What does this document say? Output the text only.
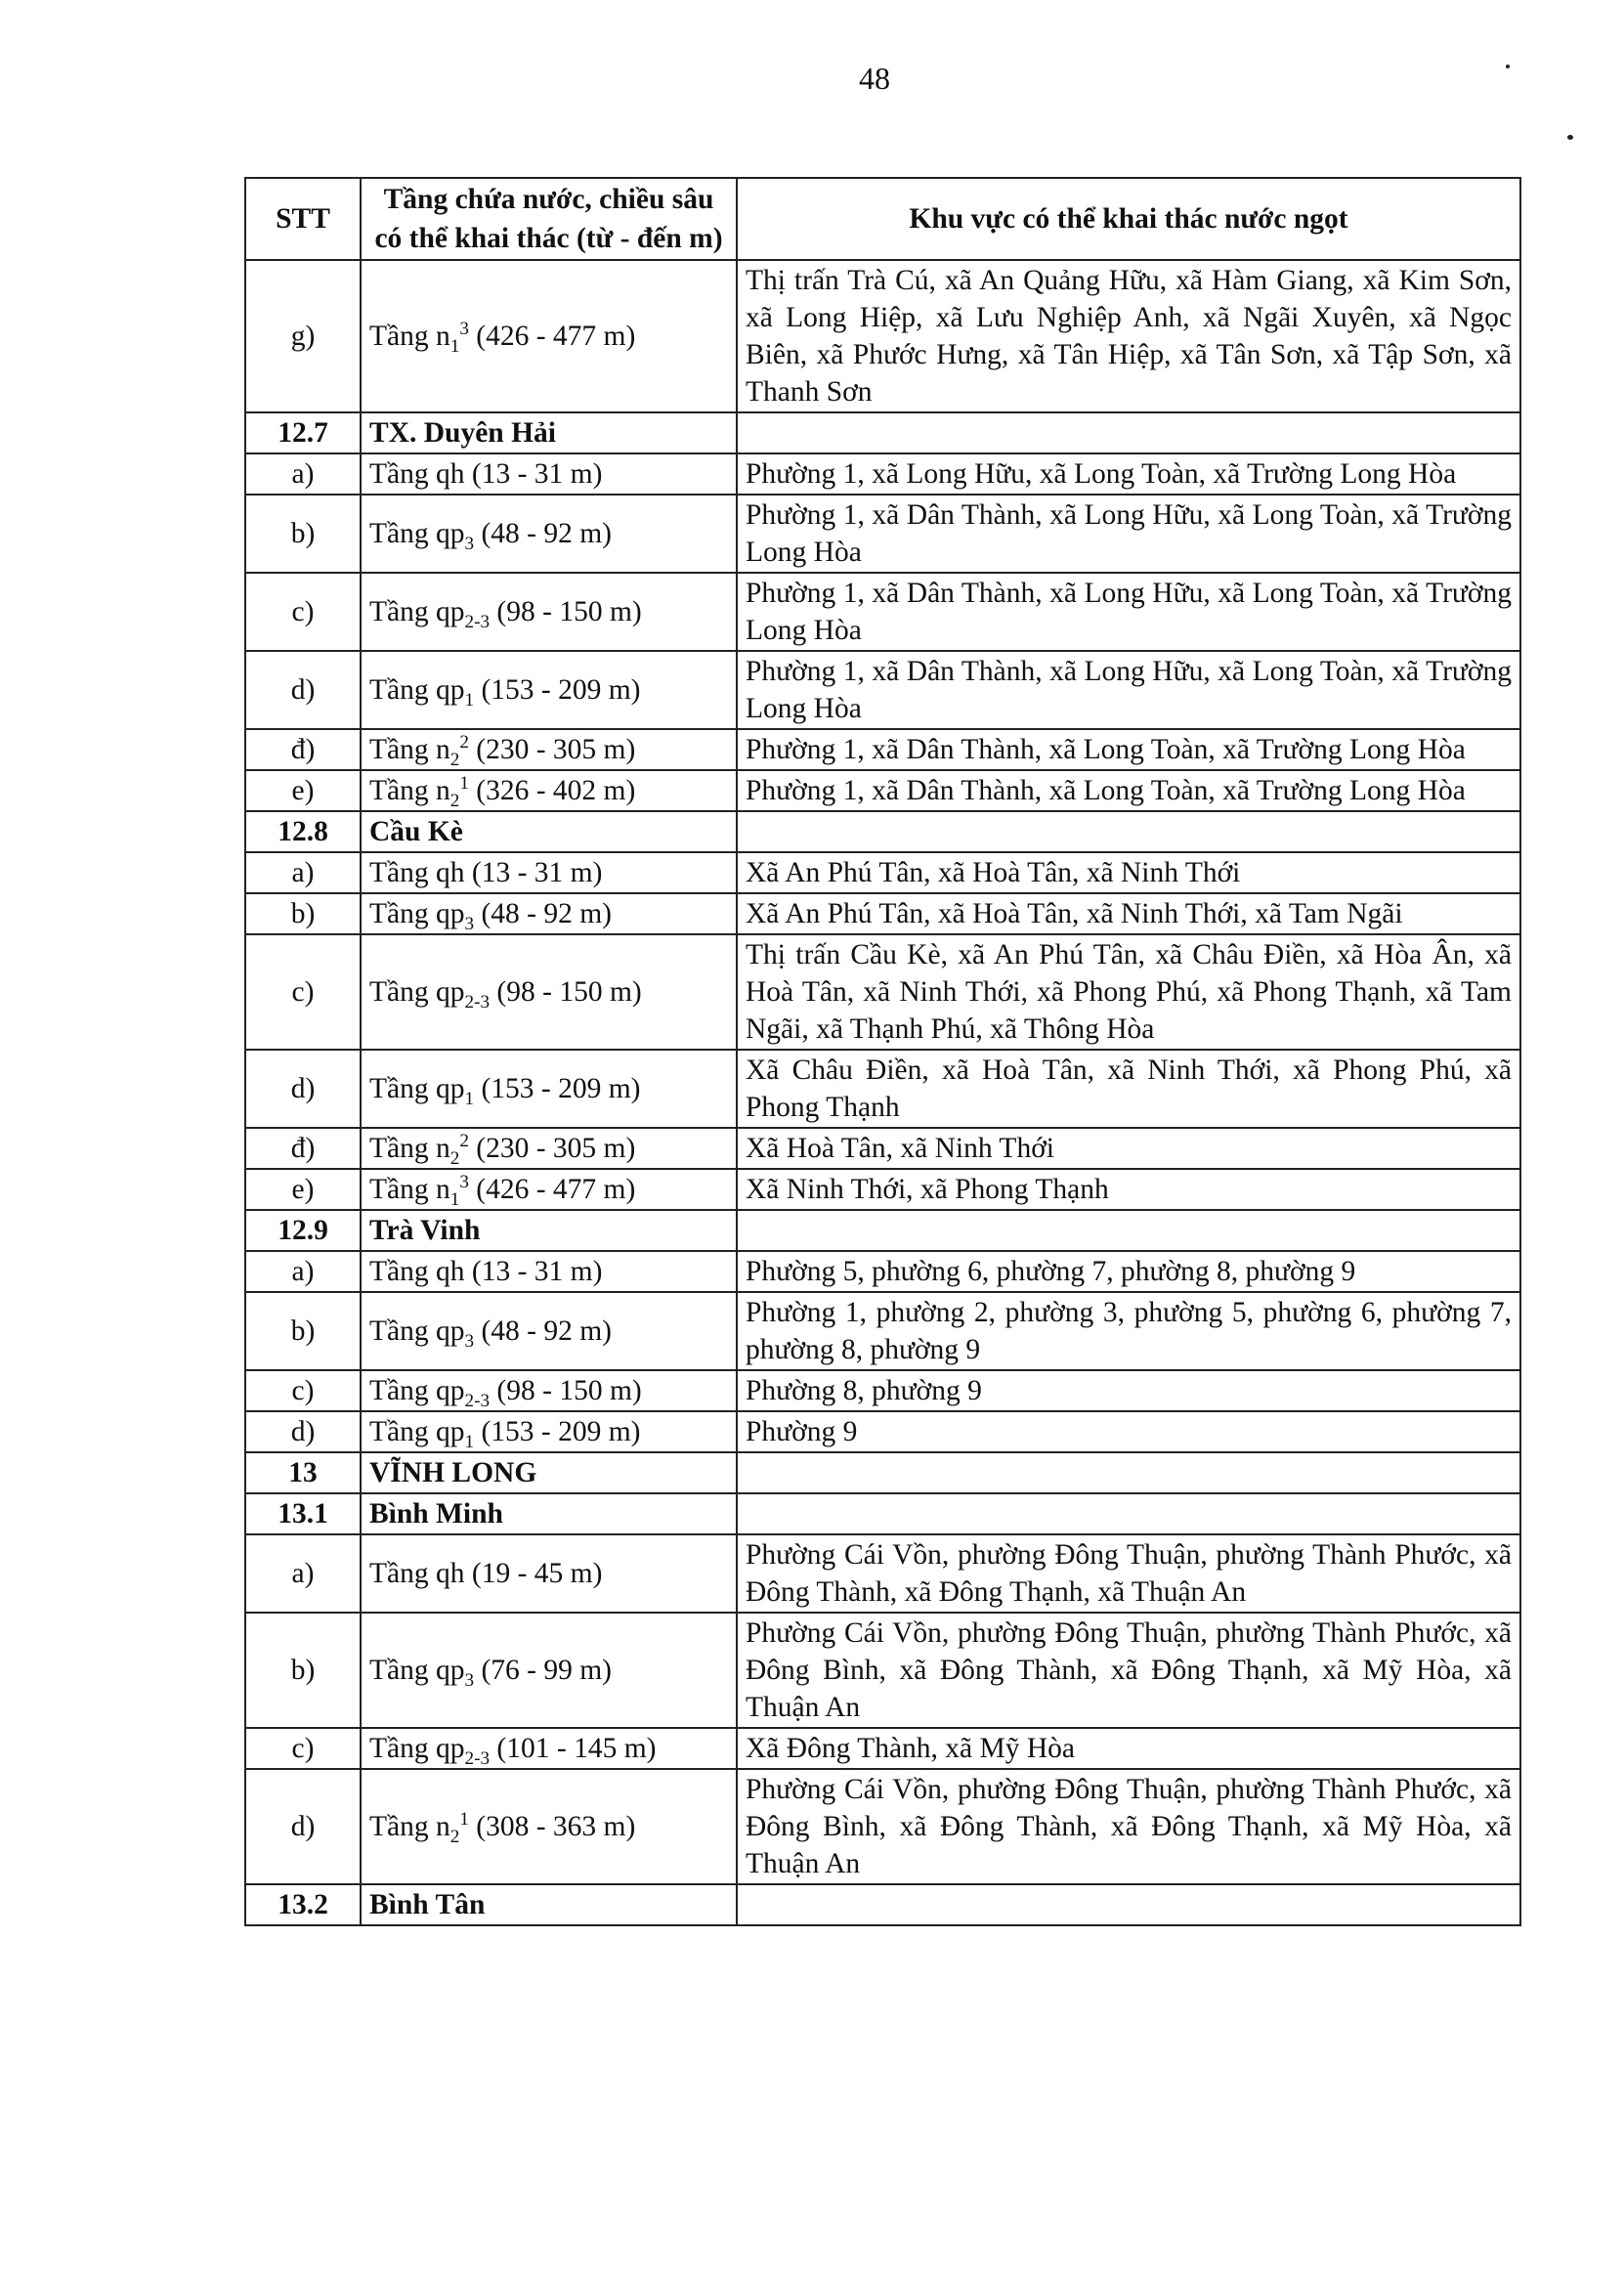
48
STT	Tầng chứa nước, chiều sâu có thể khai thác (từ - đến m)	Khu vực có thể khai thác nước ngọt
g)	Tầng $n_1^3$ (426 - 477 m)	Thị trấn Trà Cú, xã An Quảng Hữu, xã Hàm Giang, xã Kim Sơn, xã Long Hiệp, xã Lưu Nghiệp Anh, xã Ngãi Xuyên, xã Ngọc Biên, xã Phước Hưng, xã Tân Hiệp, xã Tân Sơn, xã Tập Sơn, xã Thanh Sơn
12.7	TX. Duyên Hải	
a)	Tầng qh (13 - 31 m)	Phường 1, xã Long Hữu, xã Long Toàn, xã Trường Long Hòa
b)	Tầng $qp_3$ (48 - 92 m)	Phường 1, xã Dân Thành, xã Long Hữu, xã Long Toàn, xã Trường Long Hòa
c)	Tầng $qp_{2-3}$ (98 - 150 m)	Phường 1, xã Dân Thành, xã Long Hữu, xã Long Toàn, xã Trường Long Hòa
d)	Tầng $qp_1$ (153 - 209 m)	Phường 1, xã Dân Thành, xã Long Hữu, xã Long Toàn, xã Trường Long Hòa
đ)	Tầng $n_2^2$ (230 - 305 m)	Phường 1, xã Dân Thành, xã Long Toàn, xã Trường Long Hòa
e)	Tầng $n_2^1$ (326 - 402 m)	Phường 1, xã Dân Thành, xã Long Toàn, xã Trường Long Hòa
12.8	Cầu Kè	
a)	Tầng qh (13 - 31 m)	Xã An Phú Tân, xã Hoà Tân, xã Ninh Thới
b)	Tầng $qp_3$ (48 - 92 m)	Xã An Phú Tân, xã Hoà Tân, xã Ninh Thới, xã Tam Ngãi
c)	Tầng $qp_{2-3}$ (98 - 150 m)	Thị trấn Cầu Kè, xã An Phú Tân, xã Châu Điền, xã Hòa Ân, xã Hoà Tân, xã Ninh Thới, xã Phong Phú, xã Phong Thạnh, xã Tam Ngãi, xã Thạnh Phú, xã Thông Hòa
d)	Tầng $qp_1$ (153 - 209 m)	Xã Châu Điền, xã Hoà Tân, xã Ninh Thới, xã Phong Phú, xã Phong Thạnh
đ)	Tầng $n_2^2$ (230 - 305 m)	Xã Hoà Tân, xã Ninh Thới
e)	Tầng $n_1^3$ (426 - 477 m)	Xã Ninh Thới, xã Phong Thạnh
12.9	Trà Vinh	
a)	Tầng qh (13 - 31 m)	Phường 5, phường 6, phường 7, phường 8, phường 9
b)	Tầng $qp_3$ (48 - 92 m)	Phường 1, phường 2, phường 3, phường 5, phường 6, phường 7, phường 8, phường 9
c)	Tầng $qp_{2-3}$ (98 - 150 m)	Phường 8, phường 9
d)	Tầng $qp_1$ (153 - 209 m)	Phường 9
13	VĨNH LONG	
13.1	Bình Minh	
a)	Tầng qh (19 - 45 m)	Phường Cái Vồn, phường Đông Thuận, phường Thành Phước, xã Đông Thành, xã Đông Thạnh, xã Thuận An
b)	Tầng $qp_3$ (76 - 99 m)	Phường Cái Vồn, phường Đông Thuận, phường Thành Phước, xã Đông Bình, xã Đông Thành, xã Đông Thạnh, xã Mỹ Hòa, xã Thuận An
c)	Tầng $qp_{2-3}$ (101 - 145 m)	Xã Đông Thành, xã Mỹ Hòa
d)	Tầng $n_2^1$ (308 - 363 m)	Phường Cái Vồn, phường Đông Thuận, phường Thành Phước, xã Đông Bình, xã Đông Thành, xã Đông Thạnh, xã Mỹ Hòa, xã Thuận An
13.2	Bình Tân	
